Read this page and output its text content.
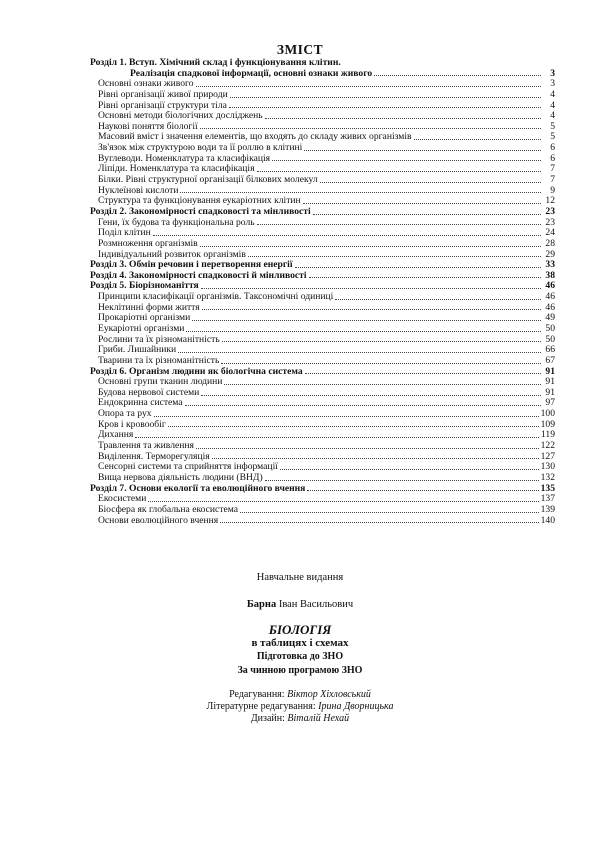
ЗМІСТ
Розділ 1. Вступ. Хімічний склад і функціонування клітин.
Реалізація спадкової інформації, основні ознаки живого	3
Основні ознаки живого	3
Рівні організації живої природи	4
Рівні організації структури тіла	4
Основні методи біологічних досліджень	4
Наукові поняття біології	5
Масовий вміст і значення елементів, що входять до складу живих організмів	5
Зв'язок між структурою води та її роллю в клітині	6
Вуглеводи. Номенклатура та класифікація	6
Ліпіди. Номенклатура та класифікація	7
Білки. Рівні структурної організації білкових молекул	7
Нуклеїнові кислоти	9
Структура та функціонування еукаріотних клітин	12
Розділ 2. Закономірності спадковості та мінливості	23
Гени, їх будова та функціональна роль	23
Поділ клітин	24
Розмноження організмів	28
Індивідуальний розвиток організмів	29
Розділ 3. Обмін речовин і перетворення енергії	33
Розділ 4. Закономірності спадковості й мінливості	38
Розділ 5. Біорізноманіття	46
Принципи класифікації організмів. Таксономічні одиниці	46
Неклітинні форми життя	46
Прокаріотні організми	49
Еукаріотні організми	50
Рослини та їх різноманітність	50
Гриби. Лишайники	66
Тварини та їх різноманітність	67
Розділ 6. Організм людини як біологічна система	91
Основні групи тканин людини	91
Будова нервової системи	91
Ендокринна система	97
Опора та рух	100
Кров і кровообіг	109
Дихання	119
Травлення та живлення	122
Виділення. Терморегуляція	127
Сенсорні системи та сприйняття інформації	130
Вища нервова діяльність людини (ВНД)	132
Розділ 7. Основи екології та еволюційного вчення	135
Екосистеми	137
Біосфера як глобальна екосистема	139
Основи еволюційного вчення	140
Навчальне видання
Барна Іван Васильович
БІОЛОГІЯ
в таблицях і схемах
Підготовка до ЗНО
За чинною програмою ЗНО
Редагування: Віктор Хіхловський
Літературне редагування: Ірина Дворницька
Дизайн: Віталій Нехай
